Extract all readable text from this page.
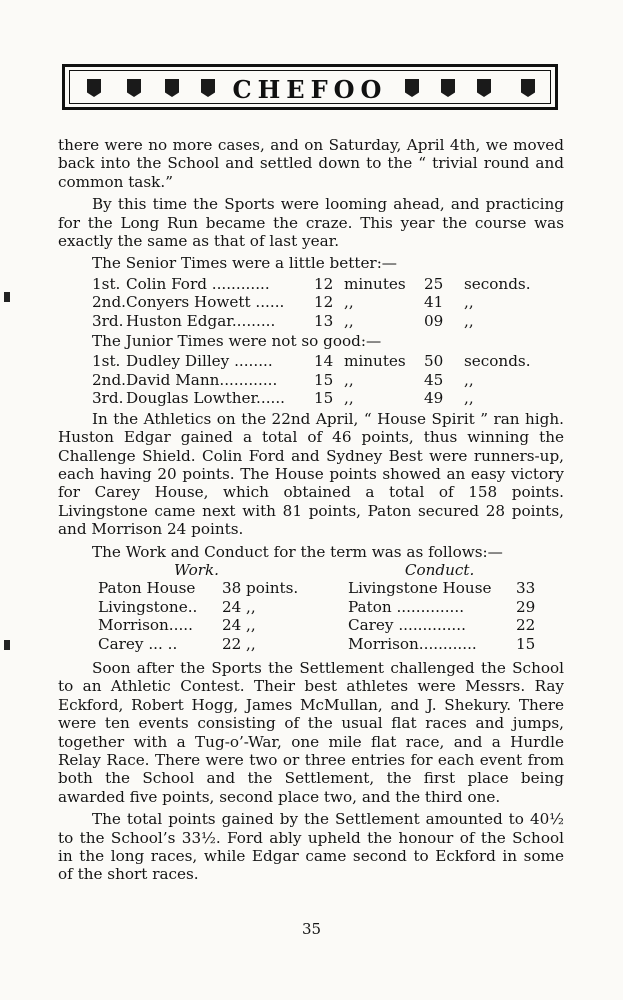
CHEFOO

there were no more cases, and on Saturday, April 4th, we moved back into the School and settled down to the “ trivial round and common task.”

By this time the Sports were looming ahead, and practicing for the Long Run became the craze. This year the course was exactly the same as that of last year.

The Senior Times were a little better:—

1st.	Colin Ford ............	12	minutes	25	seconds.
2nd.	Conyers Howett ......	12	,,	41	,,
3rd.	Huston Edgar.........	13	,,	09	,,

The Junior Times were not so good:—

1st.	Dudley Dilley ........	14	minutes	50	seconds.
2nd.	David Mann............	15	,,	45	,,
3rd.	Douglas Lowther......	15	,,	49	,,

In the Athletics on the 22nd April, “ House Spirit ” ran high. Huston Edgar gained a total of 46 points, thus winning the Challenge Shield. Colin Ford and Sydney Best were runners-up, each having 20 points. The House points showed an easy victory for Carey House, which obtained a total of 158 points. Livingstone came next with 81 points, Paton secured 28 points, and Morrison 24 points.

The Work and Conduct for the term was as follows:—

Work.	Conduct.
Paton House	38	points.	Livingstone House	33
Livingstone..	24	,,	Paton ..............	29
Morrison.....	24	,,	Carey ..............	22
Carey ... ..	22	,,	Morrison............	15

Soon after the Sports the Settlement challenged the School to an Athletic Contest. Their best athletes were Messrs. Ray Eckford, Robert Hogg, James McMullan, and J. Shekury. There were ten events consisting of the usual flat races and jumps, together with a Tug-o’-War, one mile flat race, and a Hurdle Relay Race. There were two or three entries for each event from both the School and the Settlement, the first place being awarded five points, second place two, and the third one.

The total points gained by the Settlement amounted to 40½ to the School’s 33½. Ford ably upheld the honour of the School in the long races, while Edgar came second to Eckford in some of the short races.

35
